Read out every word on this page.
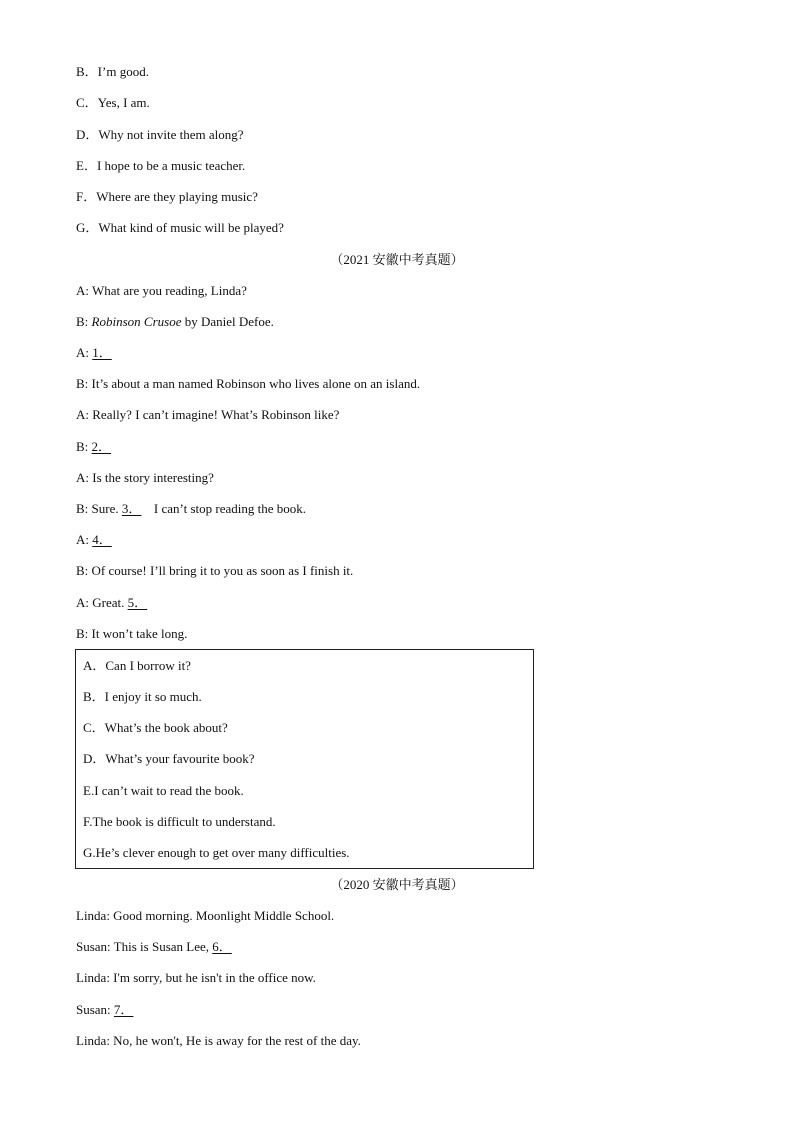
B．I’m good.
C．Yes, I am.
D．Why not invite them along?
E．I hope to be a music teacher.
F．Where are they playing music?
G．What kind of music will be played?
（2021 安徽中考真题）
A: What are you reading, Linda?
B: Robinson Crusoe by Daniel Defoe.
A: 1．
B: It’s about a man named Robinson who lives alone on an island.
A: Really? I can’t imagine! What’s Robinson like?
B: 2．
A: Is the story interesting?
B: Sure. 3．  I can’t stop reading the book.
A: 4．
B: Of course! I’ll bring it to you as soon as I finish it.
A: Great. 5．
B: It won’t take long.
A．Can I borrow it?
B．I enjoy it so much.
C．What’s the book about?
D．What’s your favourite book?
E.I can’t wait to read the book.
F.The book is difficult to understand.
G.He’s clever enough to get over many difficulties.
（2020 安徽中考真题）
Linda: Good morning. Moonlight Middle School.
Susan: This is Susan Lee, 6．
Linda: I'm sorry, but he isn't in the office now.
Susan: 7．
Linda: No, he won't, He is away for the rest of the day.
